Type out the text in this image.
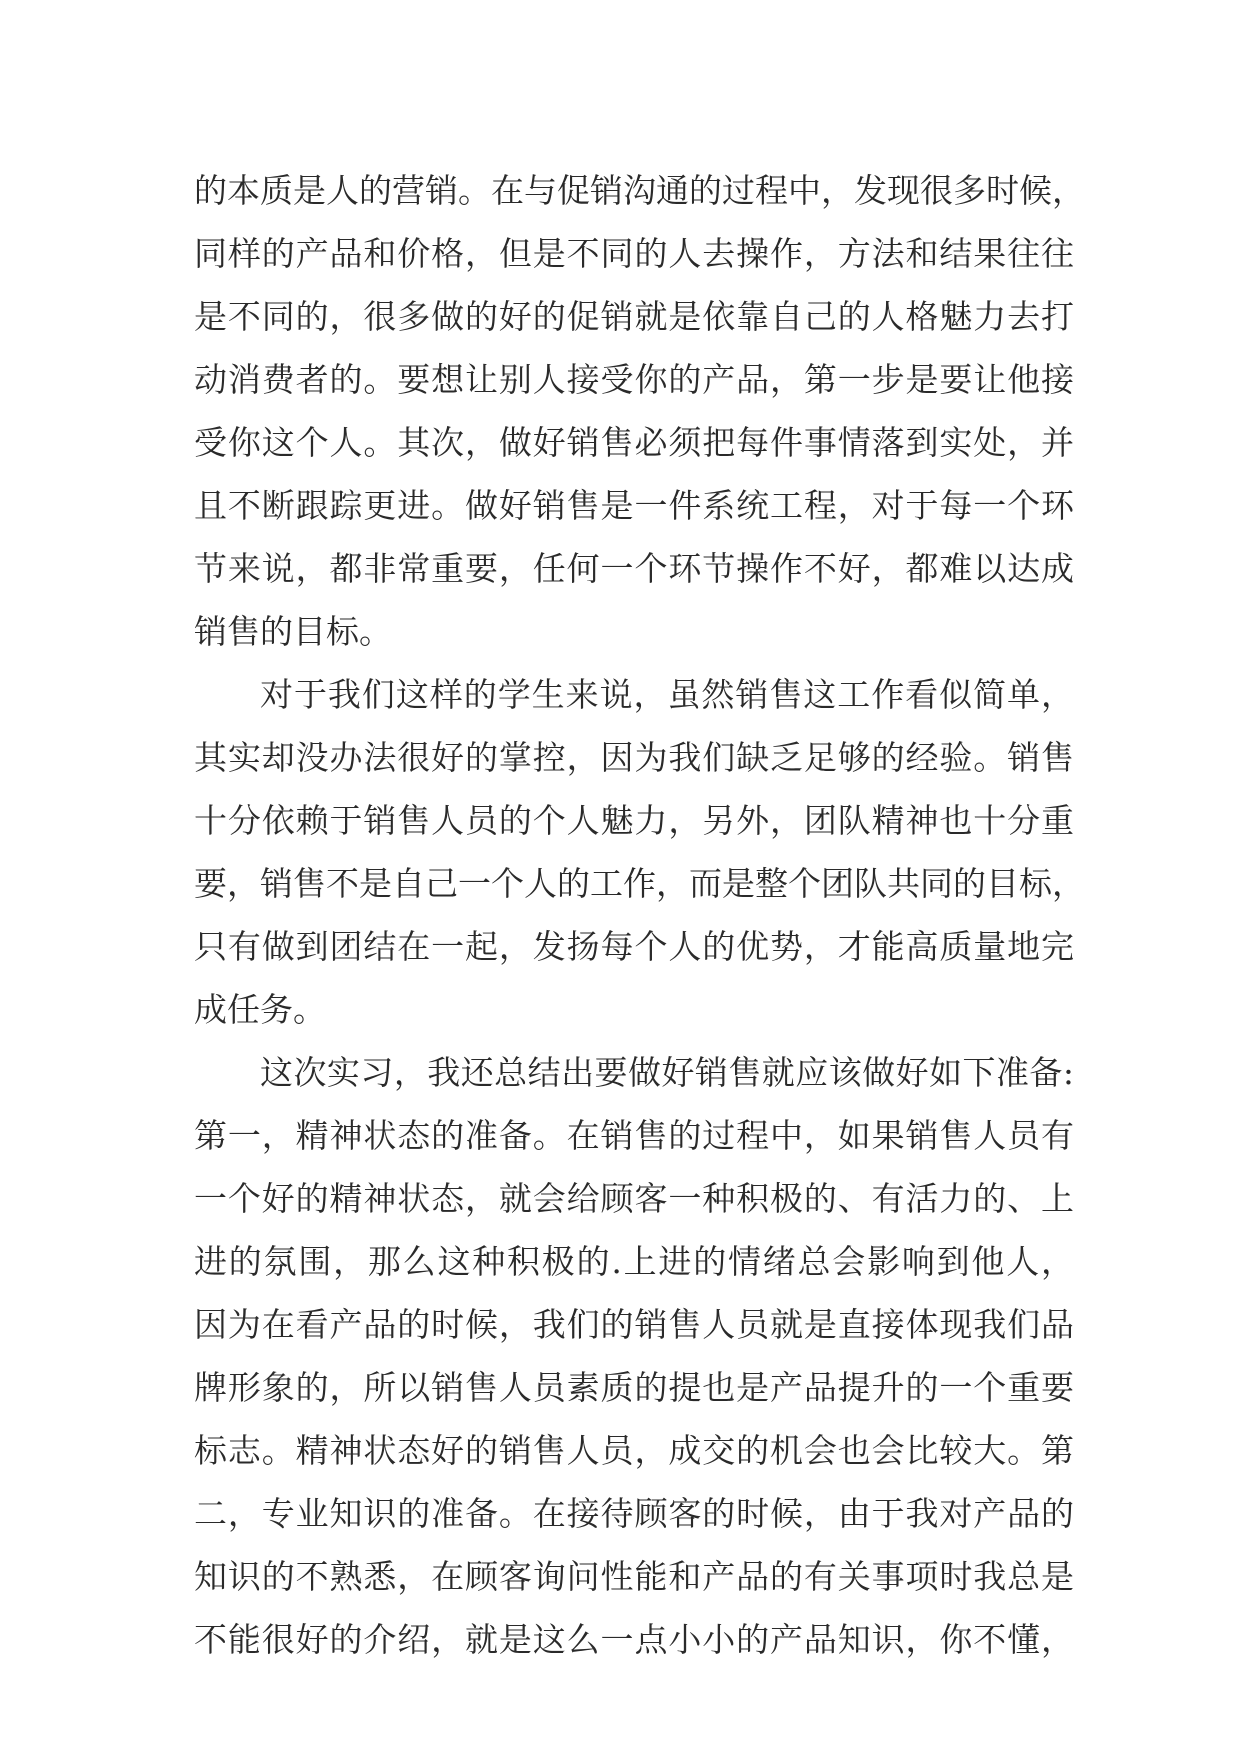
的本质是人的营销。在与促销沟通的过程中，发现很多时候，
同样的产品和价格，但是不同的人去操作，方法和结果往往
是不同的，很多做的好的促销就是依靠自己的人格魅力去打
动消费者的。要想让别人接受你的产品，第一步是要让他接
受你这个人。其次，做好销售必须把每件事情落到实处，并
且不断跟踪更进。做好销售是一件系统工程，对于每一个环
节来说，都非常重要，任何一个环节操作不好，都难以达成
销售的目标。
对于我们这样的学生来说，虽然销售这工作看似简单，
其实却没办法很好的掌控，因为我们缺乏足够的经验。销售
十分依赖于销售人员的个人魅力，另外，团队精神也十分重
要，销售不是自己一个人的工作，而是整个团队共同的目标，
只有做到团结在一起，发扬每个人的优势，才能高质量地完
成任务。
这次实习，我还总结出要做好销售就应该做好如下准备:
第一，精神状态的准备。在销售的过程中，如果销售人员有
一个好的精神状态，就会给顾客一种积极的、有活力的、上
进的氛围，那么这种积极的.上进的情绪总会影响到他人，
因为在看产品的时候，我们的销售人员就是直接体现我们品
牌形象的，所以销售人员素质的提也是产品提升的一个重要
标志。精神状态好的销售人员，成交的机会也会比较大。第
二，专业知识的准备。在接待顾客的时候，由于我对产品的
知识的不熟悉，在顾客询问性能和产品的有关事项时我总是
不能很好的介绍，就是这么一点小小的产品知识，你不懂，
